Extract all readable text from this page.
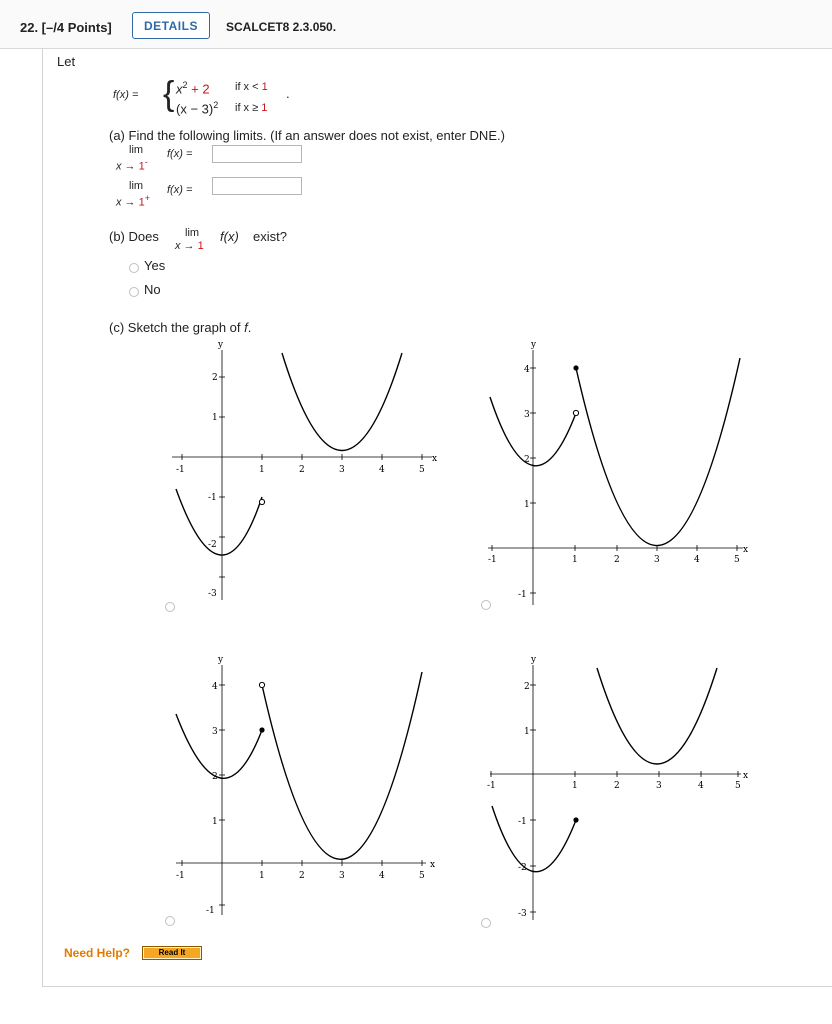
22. [–/4 Points]	DETAILS	SCALCET8 2.3.050.
Let
f(x) = { $x^2 + 2$ if x < 1
$(x - 3)^2$ if x ≥ 1
.
(a) Find the following limits. (If an answer does not exist, enter DNE.)
lim
x → 1-
f(x) =
lim
x → 1+
f(x) =
(b) Does lim
x → 1
f(x) exist?
Yes
No
(c) Sketch the graph of f.
y
x
-1	1	2	3	4	5
2
1
-1
-2
-3
y
x
-1	1	2	3	4	5
4
3
2
1
-1
y
x
-1	1	2	3	4	5
4
3
2
1
-1
y
x
-1	1	2	3	4	5
2
1
-1
-2
-3
Need Help?	Read It
